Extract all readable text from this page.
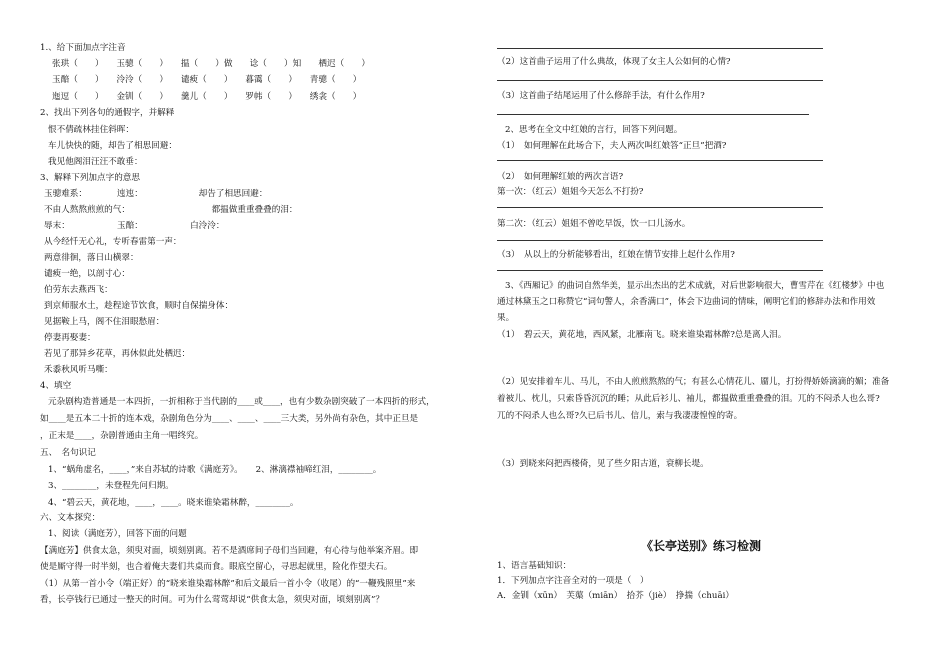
1.、给下面加点字注音
张珙（　　）　　玉骢（　　）　　揾（　　）做　　谂（　　）知　　栖迟（　　）
玉醅（　　）　　泠泠（　　）　　谴瘐（　　）　　暮霭（　　）　　青骢（　　）
迤逗（　　）　　金钏（　　）　　羹儿（　　）　　罗帏（　　）　　绣衾（　　）
2、找出下列各句的通假字，并解释
恨不倩疏林挂住斜晖：
车儿快快的随，却告了相思回避：
我见他阁泪汪汪不敢垂：
3、解释下列加点字的意思
玉骢难系：　　　　迍迍：　　　　　　　却告了相思回避：
不由人熬熬煎煎的气：　　　　　　　　　　都揾做重重叠叠的泪：
辱末：　　　　　　玉醅：　　　　　　白泠泠：
从今经忏无心礼，专听春雷第一声：
两意徘徊，落日山横翠：
谴瘐一绝，以剖寸心：
伯劳东去燕西飞：
到京师服水土，趁程途节饮食，顺时自保揣身体：
见据鞍上马，阁不住泪眼愁眉：
停妻再娶妻：
若见了那异乡花草，再休似此处栖迟：
禾黍秋风听马嘶：
4、填空
元杂剧构造普通是一本四折，一折相称于当代剧的____或____，也有少数杂剧突破了一本四折的形式，
如____是五本二十折的连本戏，杂剧角色分为____、____、____三大类，另外尚有杂色，其中正旦是
，正末是____，杂剧普通由主角一唱终究。
五、　名句识记
1、“蜗角虚名，____，”来自苏轼的诗歌《满庭芳》。　　2、淋漓襟袖啼红泪，________。
3、________，未登程先问归期。
4、“碧云天，黄花地，____，____。晓来谁染霜林醉，________。
六、文本探究：
1、阅读（满庭芳），回答下面的问题
【满庭芳】供食太急，须臾对面，顷刻别离。若不是酒席间子母们当回避，有心待与他举案齐眉。即
使是厮守得一时半刻，也合着俺夫妻们共桌而食。眼底空留心，寻思起就里，险化作望夫石。
（1）从第一首小令（端正好）的“晓来谁染霜林醉”和后文最后一首小令（收尾）的“一鞭残照里”来
看，长亭钱行已通过一整天的时间。可为什么莺莺却说“供食太急，须臾对面，顷刻别离”？
（2）这首曲子运用了什么典故，体现了女主人公如何的心情?
（3）这首曲子结尾运用了什么修辞手法，有什么作用?
2、思考在全文中红娘的言行，回答下列问题。
（1）　如何理解在此场合下，夫人两次叫红娘答“正旦”把酒?
（2）　如何理解红娘的两次言语?
第一次：（红云）姐姐今天怎么不打扮?
第二次：（红云）姐姐不曾吃早饭，饮一口儿汤水。
（3）　从以上的分析能够看出，红娘在情节安排上起什么作用?
3、《西厢记》的曲词自然华美，显示出杰出的艺术成就，对后世影响很大，曹雪芹在《红楼梦》中也
通过林黛玉之口称赞它“词句警人，余香满口”，体会下边曲词的情味，阐明它们的修辞办法和作用效
果。
（1）　碧云天，黄花地，西风紧，北雁南飞。晓来谁染霜林醉?总是离人泪。
（2）见安排着车儿、马儿，不由人煎煎熬熬的气；有甚么心情花儿、靥儿，打扮得娇娇滴滴的媚；准备
着被儿、枕儿，只索昏昏沉沉的睡；从此后衫儿、袖儿，都揾做重重叠叠的泪。兀的不闷杀人也么哥?
兀的不闷杀人也么哥?久已后书儿、信儿，索与我凄凄惶惶的寄。
（3）到晓来闷把西楼倚，见了些夕阳古道，衰柳长堤。
《长亭送别》练习检测
1、语言基础知识：
1．下列加点字注音全对的一项是（　）
A．金钏（xūn）　芙蕖（miān）　拾芥（jiè）　挣揣（chuāi）
